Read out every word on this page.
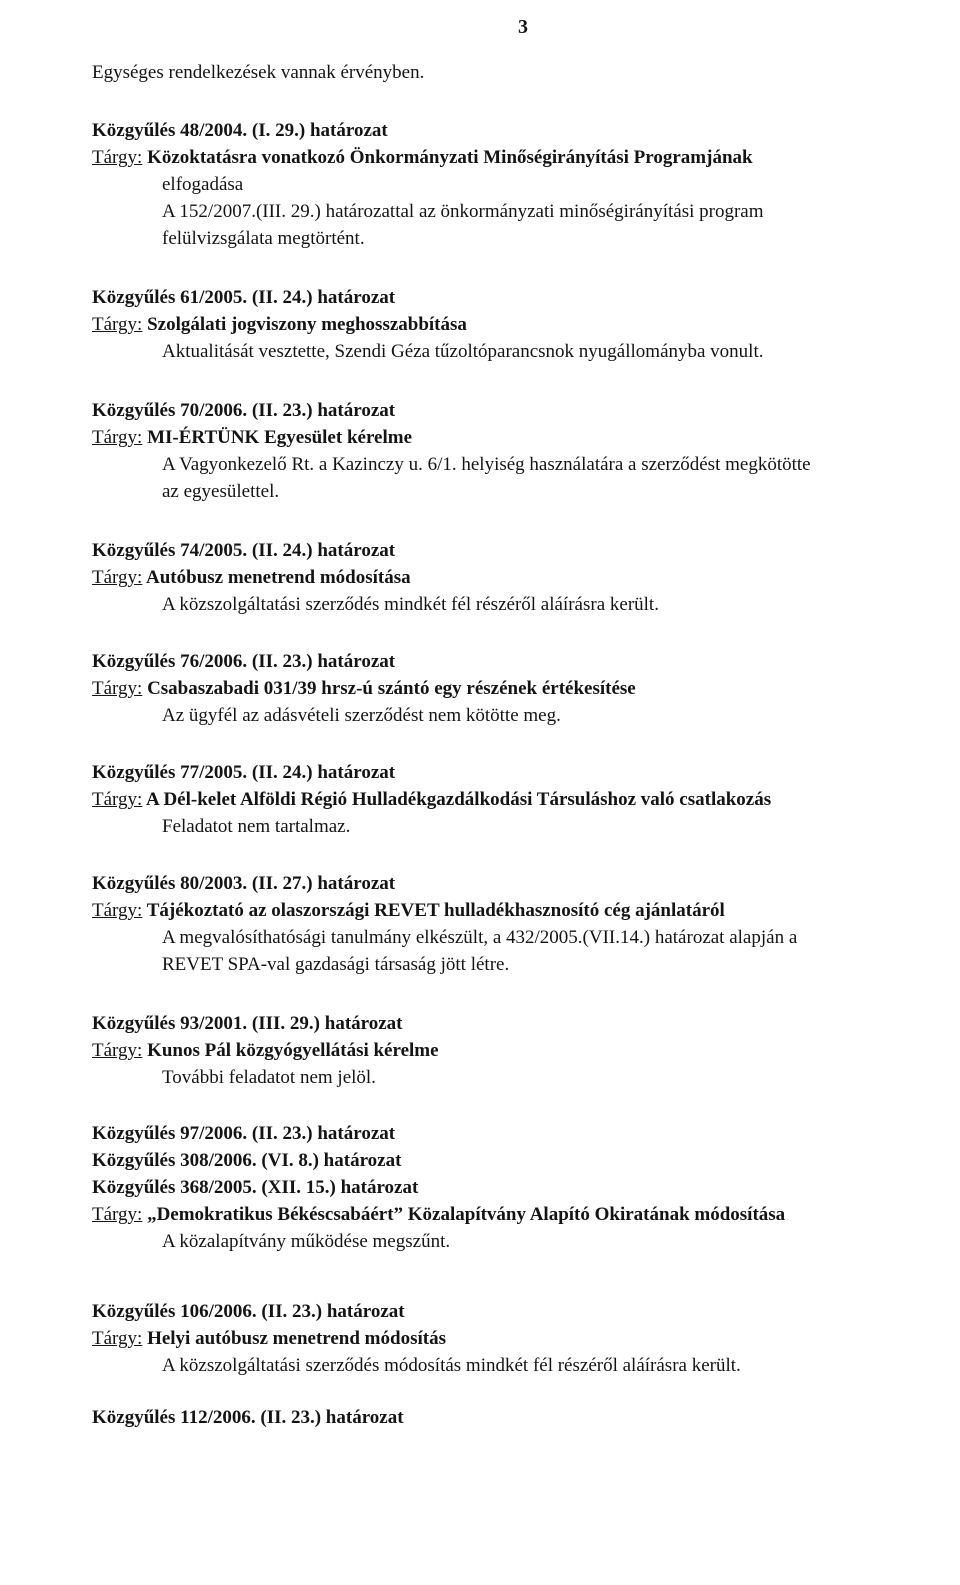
3
Egységes rendelkezések vannak érvényben.
Közgyűlés 48/2004. (I. 29.) határozat
Tárgy: Közoktatásra vonatkozó Önkormányzati Minőségirányítási Programjának
elfogadása
A 152/2007.(III. 29.) határozattal az önkormányzati minőségirányítási program
felülvizsgálata megtörtént.
Közgyűlés 61/2005. (II. 24.) határozat
Tárgy: Szolgálati jogviszony meghosszabbítása
Aktualitását vesztette, Szendi Géza tűzoltóparancsnok nyugállományba vonult.
Közgyűlés 70/2006. (II. 23.) határozat
Tárgy: MI-ÉRTÜNK Egyesület kérelme
A Vagyonkezelő Rt. a Kazinczy u. 6/1. helyiség használatára a szerződést megkötötte
az egyesülettel.
Közgyűlés 74/2005. (II. 24.) határozat
Tárgy: Autóbusz menetrend módosítása
A közszolgáltatási szerződés mindkét fél részéről aláírásra került.
Közgyűlés 76/2006. (II. 23.) határozat
Tárgy: Csabaszabadi 031/39 hrsz-ú szántó egy részének értékesítése
Az ügyfél az adásvételi szerződést nem kötötte meg.
Közgyűlés 77/2005. (II. 24.) határozat
Tárgy: A Dél-kelet Alföldi Régió Hulladékgazdálkodási Társuláshoz való csatlakozás
Feladatot nem tartalmaz.
Közgyűlés 80/2003. (II. 27.) határozat
Tárgy: Tájékoztató az olaszországi REVET hulladékhasznosító cég ajánlatáról
A megvalósíthatósági tanulmány elkészült, a 432/2005.(VII.14.) határozat alapján a
REVET SPA-val gazdasági társaság jött létre.
Közgyűlés 93/2001. (III. 29.) határozat
Tárgy: Kunos Pál közgyógyellátási kérelme
További feladatot nem jelöl.
Közgyűlés 97/2006. (II. 23.) határozat
Közgyűlés 308/2006. (VI. 8.) határozat
Közgyűlés 368/2005. (XII. 15.) határozat
Tárgy: „Demokratikus Békéscsabáért” Közalapítvány Alapító Okiratának módosítása
A közalapítvány működése megszűnt.
Közgyűlés 106/2006. (II. 23.) határozat
Tárgy: Helyi autóbusz menetrend módosítás
A közszolgáltatási szerződés módosítás mindkét fél részéről aláírásra került.
Közgyűlés 112/2006. (II. 23.) határozat
